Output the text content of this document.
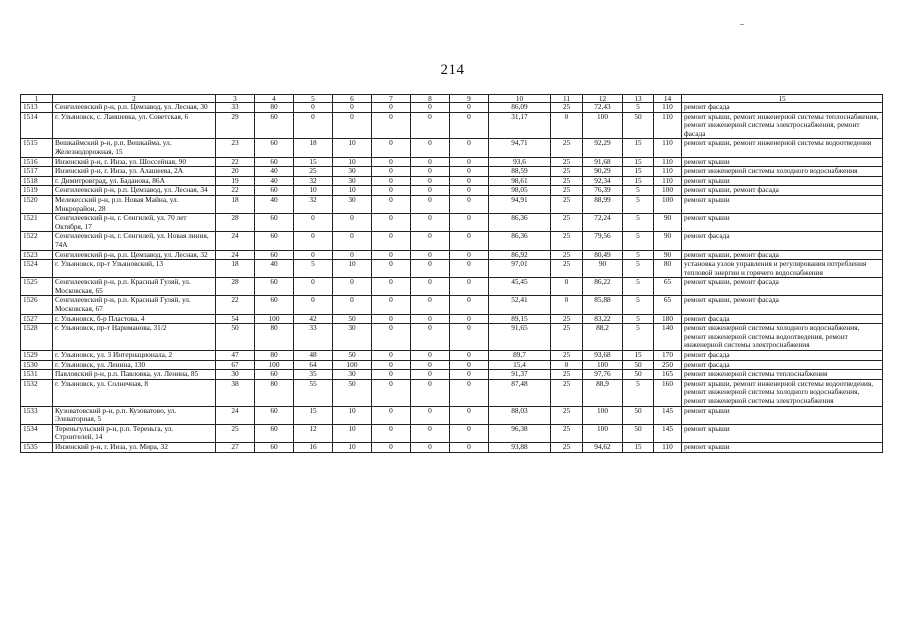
214
1	2	3	4	5	6	7	8	9	10	11	12	13	14	15
1513	Сенгилеевский р-н, р.п. Цемзавод, ул. Лесная, 30	33	80	0	0	0	0	0	86,09	25	72,43	5	110	ремонт фасада
1514	г. Ульяновск, с. Лаишевка, ул. Советская, 6	29	60	0	0	0	0	0	31,17	0	100	50	110	ремонт крыши, ремонт инженерной системы теплоснабжения, ремонт инженерной системы электроснабжения, ремонт фасада
1515	Вешкаймский р-н, р.п. Вешкайма, ул. Железнодорожная, 15	23	60	18	10	0	0	0	94,71	25	92,29	15	110	ремонт крыши, ремонт инженерной системы водоотведения
1516	Инзенский р-н, г. Инза, ул. Шоссейная, 90	22	60	15	10	0	0	0	93,6	25	91,68	15	110	ремонт крыши
1517	Инзенский р-н, г. Инза, ул. Алашеева, 2А	20	40	25	30	0	0	0	88,59	25	90,29	15	110	ремонт инженерной системы холодного водоснабжения
1518	г. Димитровград, ул. Баданова, 86А	19	40	32	30	0	0	0	98,61	25	92,34	15	110	ремонт крыши
1519	Сенгилеевский р-н, р.п. Цемзавод, ул. Лесная, 34	22	60	10	10	0	0	0	98,05	25	76,39	5	100	ремонт крыши, ремонт фасада
1520	Мелекесский р-н, р.п. Новая Майна, ул. Микрорайон, 28	18	40	32	30	0	0	0	94,91	25	88,99	5	100	ремонт крыши
1521	Сенгилеевский р-н, г. Сенгилей, ул. 70 лет Октября, 17	28	60	0	0	0	0	0	86,36	25	72,24	5	90	ремонт крыши
1522	Сенгилеевский р-н, г. Сенгилей, ул. Новая линия, 74А	24	60	0	0	0	0	0	86,36	25	79,56	5	90	ремонт фасада
1523	Сенгилеевский р-н, р.п. Цемзавод, ул. Лесная, 32	24	60	0	0	0	0	0	86,92	25	80,49	5	90	ремонт крыши, ремонт фасада
1524	г. Ульяновск, пр-т Ульяновский, 13	18	40	5	10	0	0	0	97,01	25	90	5	80	установка узлов управления и регулирования потребления тепловой энергии и горячего водоснабжения
1525	Сенгилеевский р-н, р.п. Красный Гуляй, ул. Московская, 65	28	60	0	0	0	0	0	45,45	0	86,22	5	65	ремонт крыши, ремонт фасада
1526	Сенгилеевский р-н, р.п. Красный Гуляй, ул. Московская, 67	22	60	0	0	0	0	0	52,41	0	85,88	5	65	ремонт крыши, ремонт фасада
1527	г. Ульяновск, б-р Пластова, 4	54	100	42	50	0	0	0	89,15	25	83,22	5	180	ремонт фасада
1528	г. Ульяновск, пр-т Нариманова, 31/2	50	80	33	30	0	0	0	91,65	25	88,2	5	140	ремонт инженерной системы холодного водоснабжения, ремонт инженерной системы водоотведения, ремонт инженерной системы электроснабжения
1529	г. Ульяновск, ул. 3 Интернационала, 2	47	80	48	50	0	0	0	89,7	25	93,68	15	170	ремонт фасада
1530	г. Ульяновск, ул. Ленина, 130	67	100	64	100	0	0	0	15,4	0	100	50	250	ремонт фасада
1531	Павловский р-н, р.п. Павловка, ул. Ленина, 85	30	60	35	30	0	0	0	91,37	25	97,76	50	165	ремонт инженерной системы теплоснабжения
1532	г. Ульяновск, ул. Солнечная, 8	38	80	55	50	0	0	0	87,48	25	88,9	5	160	ремонт крыши, ремонт инженерной системы водоотведения, ремонт инженерной системы холодного водоснабжения, ремонт инженерной системы электроснабжения
1533	Кузоватовский р-н, р.п. Кузоватово, ул. Элеваторная, 5	24	60	15	10	0	0	0	88,03	25	100	50	145	ремонт крыши
1534	Тереньгульский р-н, р.п. Тереньга, ул. Строителей, 14	25	60	12	10	0	0	0	96,38	25	100	50	145	ремонт крыши
1535	Инзенский р-н, г. Инза, ул. Мира, 32	27	60	16	10	0	0	0	93,88	25	94,62	15	110	ремонт крыши
